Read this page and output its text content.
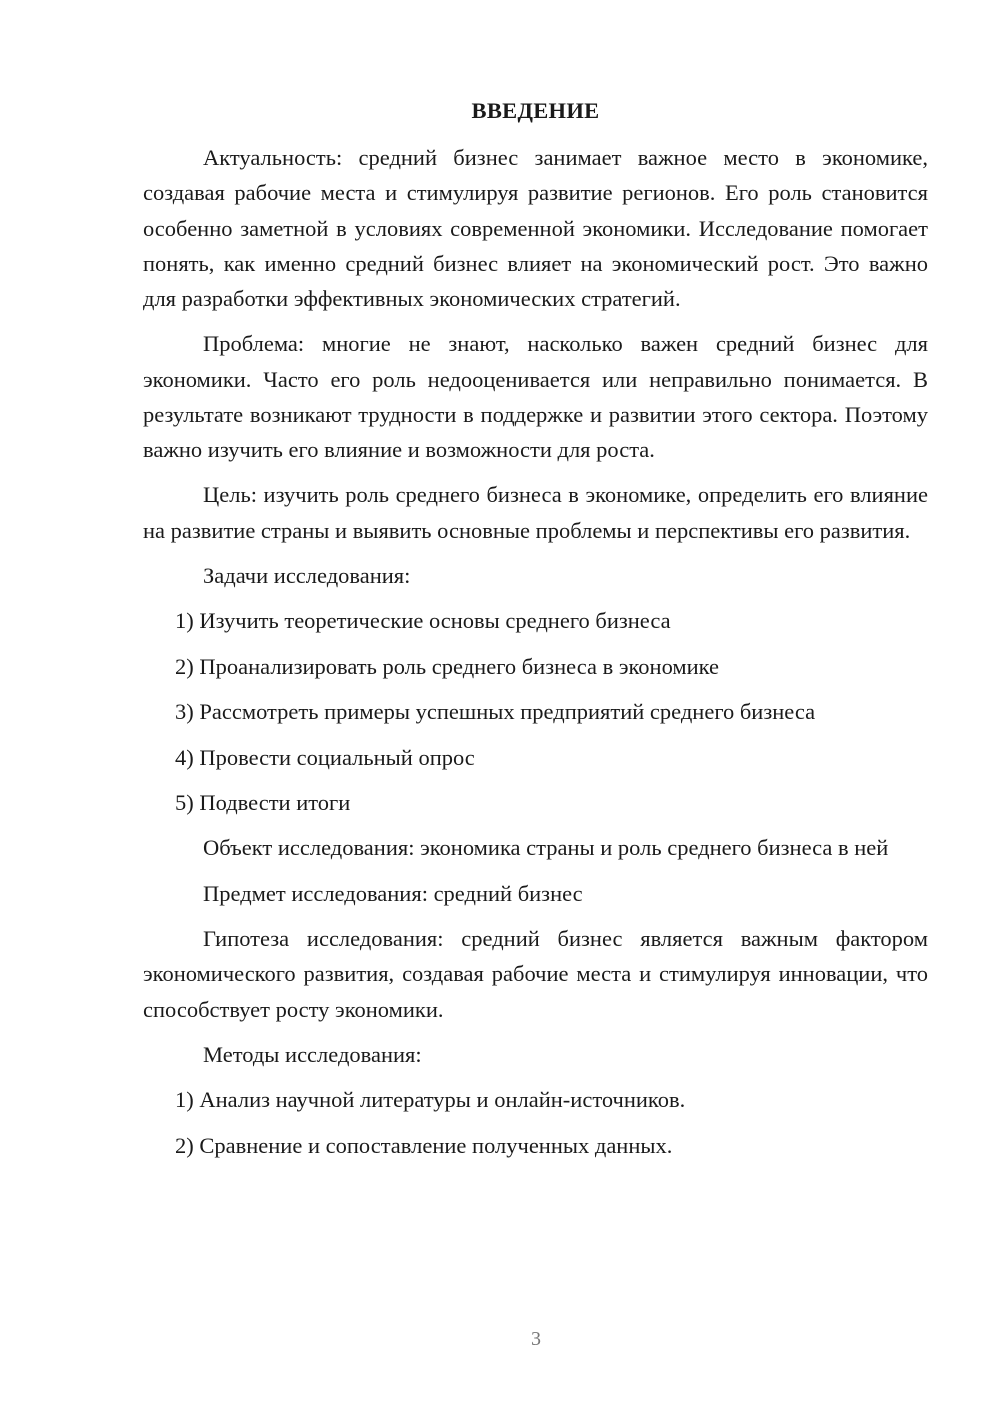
ВВЕДЕНИЕ

Актуальность: средний бизнес занимает важное место в экономике, создавая рабочие места и стимулируя развитие регионов. Его роль становится особенно заметной в условиях современной экономики. Исследование помогает понять, как именно средний бизнес влияет на экономический рост. Это важно для разработки эффективных экономических стратегий.

Проблема: многие не знают, насколько важен средний бизнес для экономики. Часто его роль недооценивается или неправильно понимается. В результате возникают трудности в поддержке и развитии этого сектора. Поэтому важно изучить его влияние и возможности для роста.

Цель: изучить роль среднего бизнеса в экономике, определить его влияние на развитие страны и выявить основные проблемы и перспективы его развития.

Задачи исследования:

1) Изучить теоретические основы среднего бизнеса
2) Проанализировать роль среднего бизнеса в экономике
3) Рассмотреть примеры успешных предприятий среднего бизнеса
4) Провести социальный опрос
5) Подвести итоги

Объект исследования: экономика страны и роль среднего бизнеса в ней

Предмет исследования: средний бизнес

Гипотеза исследования: средний бизнес является важным фактором экономического развития, создавая рабочие места и стимулируя инновации, что способствует росту экономики.

Методы исследования:

1) Анализ научной литературы и онлайн-источников.
2) Сравнение и сопоставление полученных данных.
3
